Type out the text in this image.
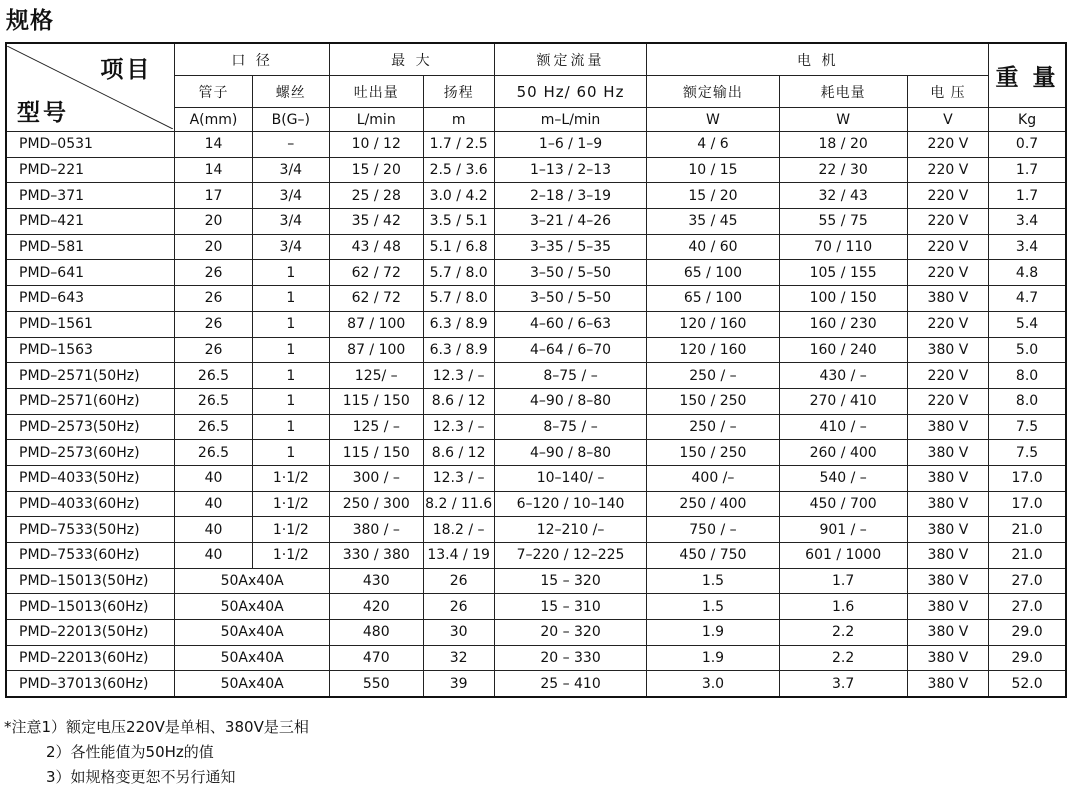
规格
项目
型号	口 径		最 大		额定流量	电 机			重 量
	管子	螺丝	吐出量	扬程	50 Hz/ 60 Hz	额定输出	耗电量	电 压	
	A(mm)	B(G–)	L/min	m	m–L/min	W	W	V	Kg
PMD–0531	14	–	10 / 12	1.7 / 2.5	1–6 / 1–9	4 / 6	18 / 20	220 V	0.7
PMD–221	14	3/4	15 / 20	2.5 / 3.6	1–13 / 2–13	10 / 15	22 / 30	220 V	1.7
PMD–371	17	3/4	25 / 28	3.0 / 4.2	2–18 / 3–19	15 / 20	32 / 43	220 V	1.7
PMD–421	20	3/4	35 / 42	3.5 / 5.1	3–21 / 4–26	35 / 45	55 / 75	220 V	3.4
PMD–581	20	3/4	43 / 48	5.1 / 6.8	3–35 / 5–35	40 / 60	70 / 110	220 V	3.4
PMD–641	26	1	62 / 72	5.7 / 8.0	3–50 / 5–50	65 / 100	105 / 155	220 V	4.8
PMD–643	26	1	62 / 72	5.7 / 8.0	3–50 / 5–50	65 / 100	100 / 150	380 V	4.7
PMD–1561	26	1	87 / 100	6.3 / 8.9	4–60 / 6–63	120 / 160	160 / 230	220 V	5.4
PMD–1563	26	1	87 / 100	6.3 / 8.9	4–64 / 6–70	120 / 160	160 / 240	380 V	5.0
PMD–2571(50Hz)	26.5	1	125/ –	12.3 / –	8–75 / –	250 / –	430 / –	220 V	8.0
PMD–2571(60Hz)	26.5	1	115 / 150	8.6 / 12	4–90 / 8–80	150 / 250	270 / 410	220 V	8.0
PMD–2573(50Hz)	26.5	1	125 / –	12.3 / –	8–75 / –	250 / –	410 / –	380 V	7.5
PMD–2573(60Hz)	26.5	1	115 / 150	8.6 / 12	4–90 / 8–80	150 / 250	260 / 400	380 V	7.5
PMD–4033(50Hz)	40	1·1/2	300 / –	12.3 / –	10–140/ –	400 /–	540 / –	380 V	17.0
PMD–4033(60Hz)	40	1·1/2	250 / 300	8.2 / 11.6	6–120 / 10–140	250 / 400	450 / 700	380 V	17.0
PMD–7533(50Hz)	40	1·1/2	380 / –	18.2 / –	12–210 /–	750 / –	901 / –	380 V	21.0
PMD–7533(60Hz)	40	1·1/2	330 / 380	13.4 / 19	7–220 / 12–225	450 / 750	601 / 1000	380 V	21.0
PMD–15013(50Hz)	50Ax40A		430	26	15 – 320	1.5	1.7	380 V	27.0
PMD–15013(60Hz)	50Ax40A		420	26	15 – 310	1.5	1.6	380 V	27.0
PMD–22013(50Hz)	50Ax40A		480	30	20 – 320	1.9	2.2	380 V	29.0
PMD–22013(60Hz)	50Ax40A		470	32	20 – 330	1.9	2.2	380 V	29.0
PMD–37013(60Hz)	50Ax40A		550	39	25 – 410	3.0	3.7	380 V	52.0
*注意1）额定电压220V是单相、380V是三相
2）各性能值为50Hz的值
3）如规格变更恕不另行通知
